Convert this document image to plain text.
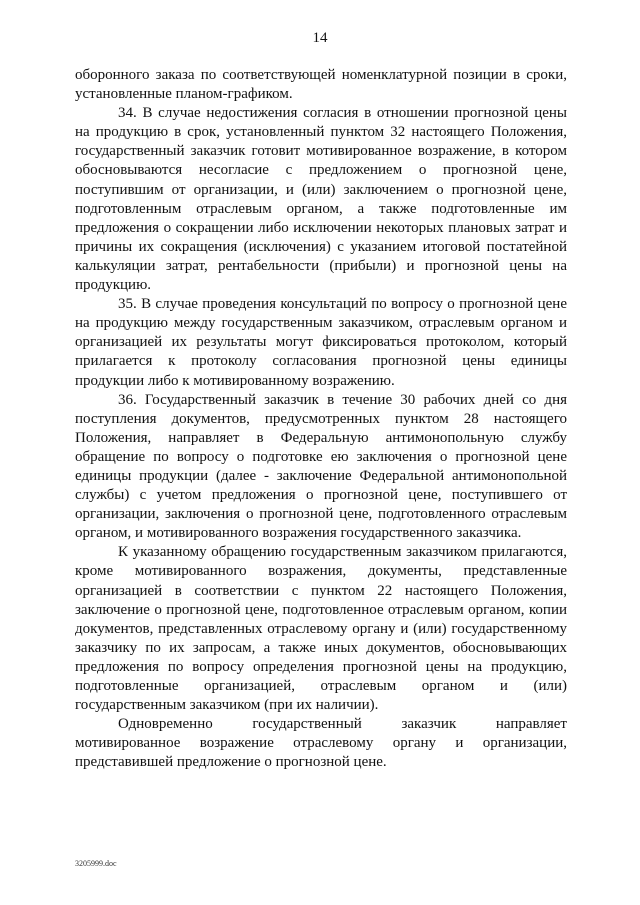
14

оборонного заказа по соответствующей номенклатурной позиции в сроки, установленные планом-графиком.

34. В случае недостижения согласия в отношении прогнозной цены на продукцию в срок, установленный пунктом 32 настоящего Положения, государственный заказчик готовит мотивированное возражение, в котором обосновываются несогласие с предложением о прогнозной цене, поступившим от организации, и (или) заключением о прогнозной цене, подготовленным отраслевым органом, а также подготовленные им предложения о сокращении либо исключении некоторых плановых затрат и причины их сокращения (исключения) с указанием итоговой постатейной калькуляции затрат, рентабельности (прибыли) и прогнозной цены на продукцию.

35. В случае проведения консультаций по вопросу о прогнозной цене на продукцию между государственным заказчиком, отраслевым органом и организацией их результаты могут фиксироваться протоколом, который прилагается к протоколу согласования прогнозной цены единицы продукции либо к мотивированному возражению.

36. Государственный заказчик в течение 30 рабочих дней со дня поступления документов, предусмотренных пунктом 28 настоящего Положения, направляет в Федеральную антимонопольную службу обращение по вопросу о подготовке ею заключения о прогнозной цене единицы продукции (далее - заключение Федеральной антимонопольной службы) с учетом предложения о прогнозной цене, поступившего от организации, заключения о прогнозной цене, подготовленного отраслевым органом, и мотивированного возражения государственного заказчика.

К указанному обращению государственным заказчиком прилагаются, кроме мотивированного возражения, документы, представленные организацией в соответствии с пунктом 22 настоящего Положения, заключение о прогнозной цене, подготовленное отраслевым органом, копии документов, представленных отраслевому органу и (или) государственному заказчику по их запросам, а также иных документов, обосновывающих предложения по вопросу определения прогнозной цены на продукцию, подготовленные организацией, отраслевым органом и (или) государственным заказчиком (при их наличии).

Одновременно государственный заказчик направляет мотивированное возражение отраслевому органу и организации, представившей предложение о прогнозной цене.

3205999.doc
